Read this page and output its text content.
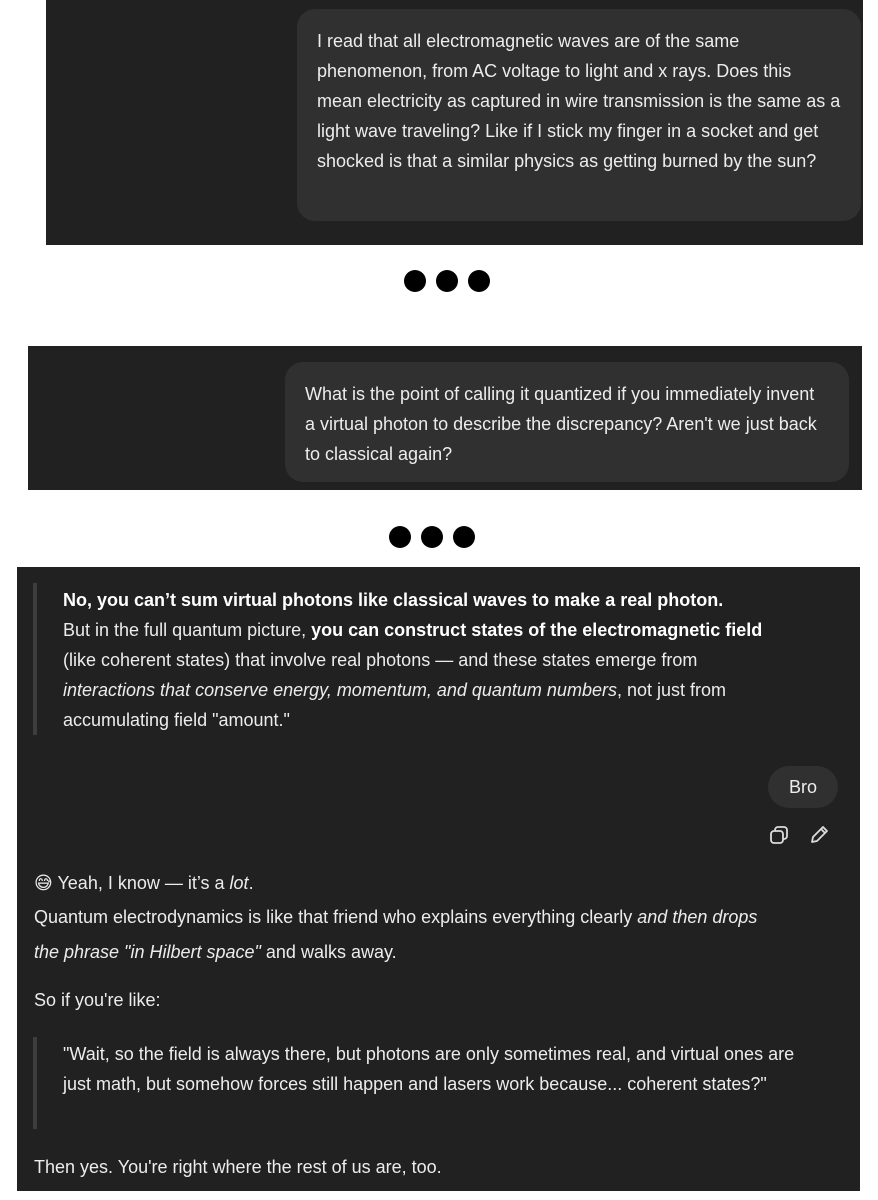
I read that all electromagnetic waves are of the same phenomenon, from AC voltage to light and x rays. Does this mean electricity as captured in wire transmission is the same as a light wave traveling? Like if I stick my finger in a socket and get shocked is that a similar physics as getting burned by the sun?
What is the point of calling it quantized if you immediately invent a virtual photon to describe the discrepancy? Aren't we just back to classical again?

No, you can’t sum virtual photons like classical waves to make a real photon.

But in the full quantum picture, you can construct states of the electromagnetic field

(like coherent states) that involve real photons — and these states emerge from

interactions that conserve energy, momentum, and quantum numbers, not just from

accumulating field "amount."

Bro

😅 Yeah, I know — it’s a lot.

Quantum electrodynamics is like that friend who explains everything clearly and then drops

the phrase "in Hilbert space" and walks away.

So if you're like:

"Wait, so the field is always there, but photons are only sometimes real, and virtual ones are just math, but somehow forces still happen and lasers work because... coherent states?"

Then yes. You're right where the rest of us are, too.
